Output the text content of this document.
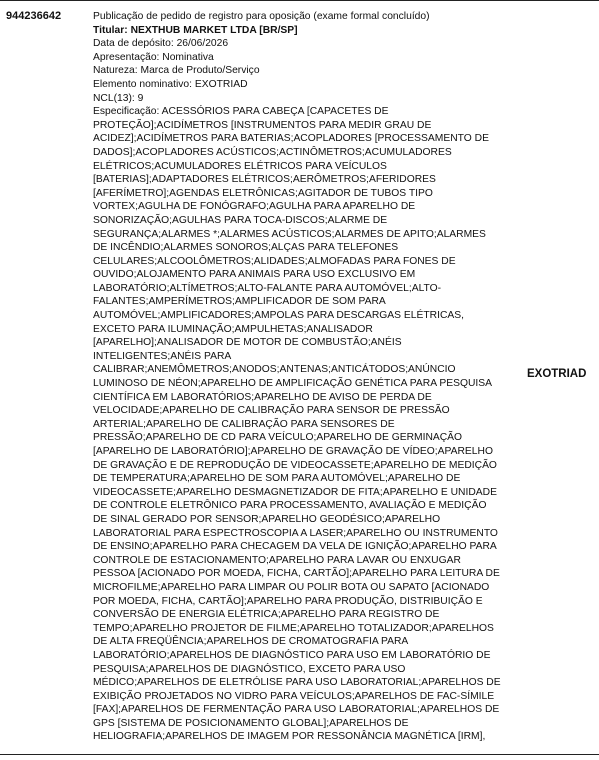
944236642	Publicação de pedido de registro para oposição (exame formal concluído)
Titular: NEXTHUB MARKET LTDA [BR/SP]
Data de depósito: 26/06/2026
Apresentação: Nominativa
Natureza: Marca de Produto/Serviço
Elemento nominativo: EXOTRIAD
NCL(13): 9
Especificação: ACESSÓRIOS PARA CABEÇA [CAPACETES DE
PROTEÇÃO];ACIDÍMETROS [INSTRUMENTOS PARA MEDIR GRAU DE
ACIDEZ];ACIDÍMETROS PARA BATERIAS;ACOPLADORES [PROCESSAMENTO DE
DADOS];ACOPLADORES ACÚSTICOS;ACTINÔMETROS;ACUMULADORES
ELÉTRICOS;ACUMULADORES ELÉTRICOS PARA VEÍCULOS
[BATERIAS];ADAPTADORES ELÉTRICOS;AERÔMETROS;AFERIDORES
[AFERÍMETRO];AGENDAS ELETRÔNICAS;AGITADOR DE TUBOS TIPO
VORTEX;AGULHA DE FONÓGRAFO;AGULHA PARA APARELHO DE
SONORIZAÇÃO;AGULHAS PARA TOCA-DISCOS;ALARME DE
SEGURANÇA;ALARMES *;ALARMES ACÚSTICOS;ALARMES DE APITO;ALARMES
DE INCÊNDIO;ALARMES SONOROS;ALÇAS PARA TELEFONES
CELULARES;ALCOOLÔMETROS;ALIDADES;ALMOFADAS PARA FONES DE
OUVIDO;ALOJAMENTO PARA ANIMAIS PARA USO EXCLUSIVO EM
LABORATÓRIO;ALTÍMETROS;ALTO-FALANTE PARA AUTOMÓVEL;ALTO-
FALANTES;AMPERÍMETROS;AMPLIFICADOR DE SOM PARA
AUTOMÓVEL;AMPLIFICADORES;AMPOLAS PARA DESCARGAS ELÉTRICAS,
EXCETO PARA ILUMINAÇÃO;AMPULHETAS;ANALISADOR
[APARELHO];ANALISADOR DE MOTOR DE COMBUSTÃO;ANÉIS
INTELIGENTES;ANÉIS PARA
CALIBRAR;ANEMÔMETROS;ANODOS;ANTENAS;ANTICÁTODOS;ANÚNCIO
LUMINOSO DE NÉON;APARELHO DE AMPLIFICAÇÃO GENÉTICA PARA PESQUISA
CIENTÍFICA EM LABORATÓRIOS;APARELHO DE AVISO DE PERDA DE
VELOCIDADE;APARELHO DE CALIBRAÇÃO PARA SENSOR DE PRESSÃO
ARTERIAL;APARELHO DE CALIBRAÇÃO PARA SENSORES DE
PRESSÃO;APARELHO DE CD PARA VEÍCULO;APARELHO DE GERMINAÇÃO
[APARELHO DE LABORATÓRIO];APARELHO DE GRAVAÇÃO DE VÍDEO;APARELHO
DE GRAVAÇÃO E DE REPRODUÇÃO DE VIDEOCASSETE;APARELHO DE MEDIÇÃO
DE TEMPERATURA;APARELHO DE SOM PARA AUTOMÓVEL;APARELHO DE
VIDEOCASSETE;APARELHO DESMAGNETIZADOR DE FITA;APARELHO E UNIDADE
DE CONTROLE ELETRÔNICO PARA PROCESSAMENTO, AVALIAÇÃO E MEDIÇÃO
DE SINAL GERADO POR SENSOR;APARELHO GEODÉSICO;APARELHO
LABORATORIAL PARA ESPECTROSCOPIA A LASER;APARELHO OU INSTRUMENTO
DE ENSINO;APARELHO PARA CHECAGEM DA VELA DE IGNIÇÃO;APARELHO PARA
CONTROLE DE ESTACIONAMENTO;APARELHO PARA LAVAR OU ENXUGAR
PESSOA [ACIONADO POR MOEDA, FICHA, CARTÃO];APARELHO PARA LEITURA DE
MICROFILME;APARELHO PARA LIMPAR OU POLIR BOTA OU SAPATO [ACIONADO
POR MOEDA, FICHA, CARTÃO];APARELHO PARA PRODUÇÃO, DISTRIBUIÇÃO E
CONVERSÃO DE ENERGIA ELÉTRICA;APARELHO PARA REGISTRO DE
TEMPO;APARELHO PROJETOR DE FILME;APARELHO TOTALIZADOR;APARELHOS
DE ALTA FREQÜÊNCIA;APARELHOS DE CROMATOGRAFIA PARA
LABORATÓRIO;APARELHOS DE DIAGNÓSTICO PARA USO EM LABORATÓRIO DE
PESQUISA;APARELHOS DE DIAGNÓSTICO, EXCETO PARA USO
MÉDICO;APARELHOS DE ELETRÓLISE PARA USO LABORATORIAL;APARELHOS DE
EXIBIÇÃO PROJETADOS NO VIDRO PARA VEÍCULOS;APARELHOS DE FAC-SÍMILE
[FAX];APARELHOS DE FERMENTAÇÃO PARA USO LABORATORIAL;APARELHOS DE
GPS [SISTEMA DE POSICIONAMENTO GLOBAL];APARELHOS DE
HELIOGRAFIA;APARELHOS DE IMAGEM POR RESSONÂNCIA MAGNÉTICA [IRM],
EXOTRIAD
